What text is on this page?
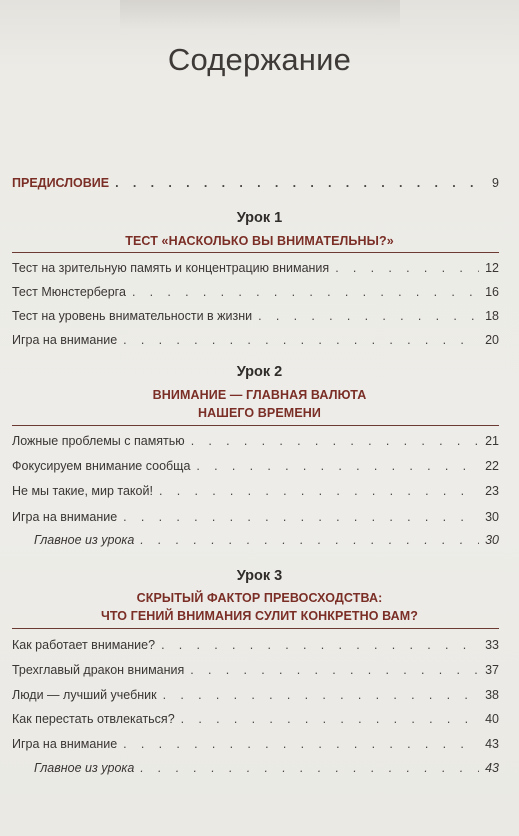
Содержание
ПРЕДИСЛОВИЕ . . .	9
Урок 1
ТЕСТ «НАСКОЛЬКО ВЫ ВНИМАТЕЛЬНЫ?»
Тест на зрительную память и концентрацию внимания . . .	12
Тест Мюнстерберга . . .	16
Тест на уровень внимательности в жизни . . .	18
Игра на внимание . . .	20
Урок 2
ВНИМАНИЕ — ГЛАВНАЯ ВАЛЮТА
НАШЕГО ВРЕМЕНИ
Ложные проблемы с памятью . . .	21
Фокусируем внимание сообща . . .	22
Не мы такие, мир такой! . . .	23
Игра на внимание . . .	30
Главное из урока . . .	30
Урок 3
СКРЫТЫЙ ФАКТОР ПРЕВОСХОДСТВА:
ЧТО ГЕНИЙ ВНИМАНИЯ СУЛИТ КОНКРЕТНО ВАМ?
Как работает внимание? . . .	33
Трехглавый дракон внимания . . .	37
Люди — лучший учебник . . .	38
Как перестать отвлекаться? . . .	40
Игра на внимание . . .	43
Главное из урока . . .	43
